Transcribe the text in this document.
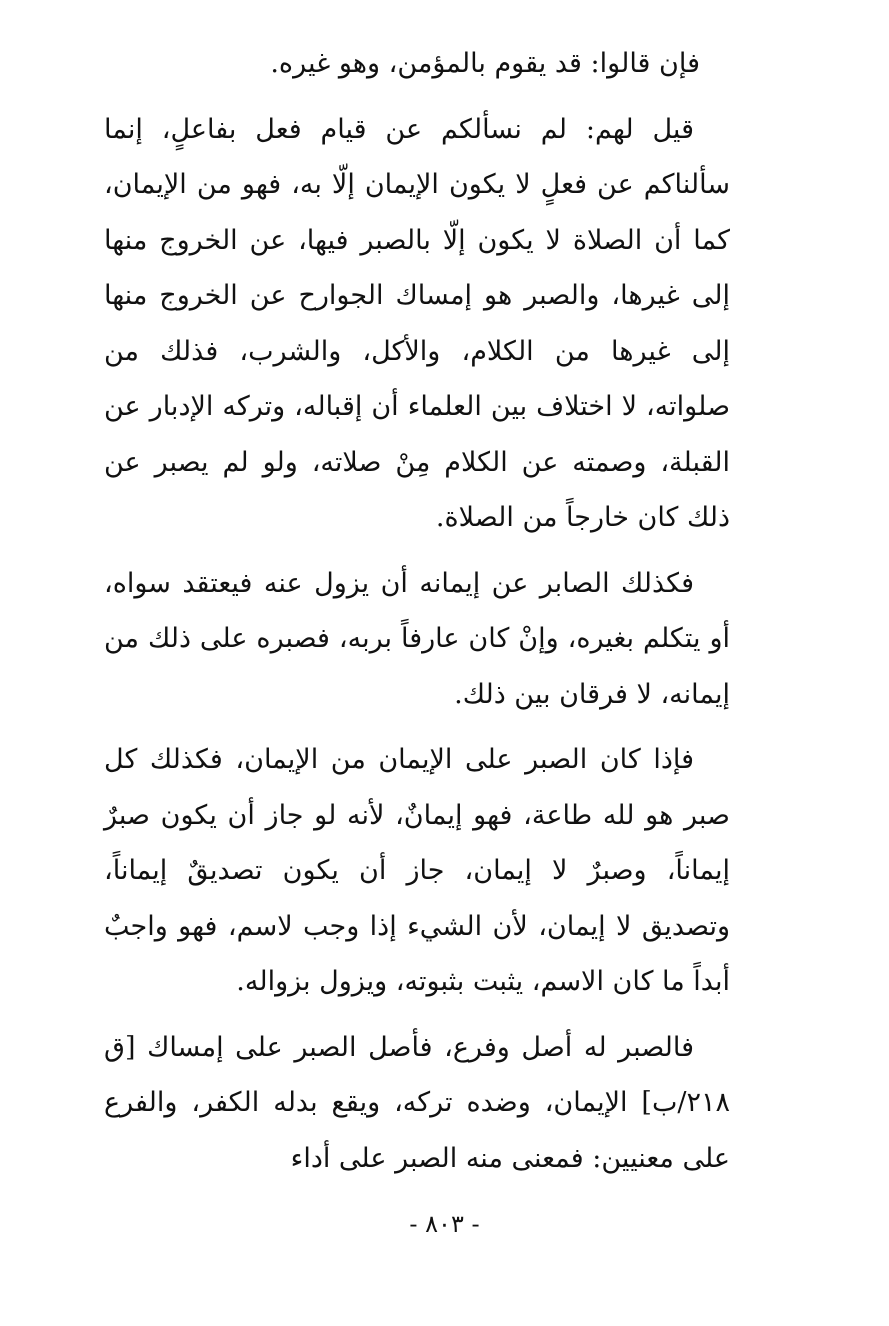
فإن قالوا: قد يقوم بالمؤمن، وهو غيره.

قيل لهم: لم نسألكم عن قيام فعل بفاعلٍ، إنما سألناكم عن فعلٍ لا يكون الإيمان إلّا به، فهو من الإيمان، كما أن الصلاة لا يكون إلّا بالصبر فيها، عن الخروج منها إلى غيرها، والصبر هو إمساك الجوارح عن الخروج منها إلى غيرها من الكلام، والأكل، والشرب، فذلك من صلواته، لا اختلاف بين العلماء أن إقباله، وتركه الإدبار عن القبلة، وصمته عن الكلام مِنْ صلاته، ولو لم يصبر عن ذلك كان خارجاً من الصلاة.

فكذلك الصابر عن إيمانه أن يزول عنه فيعتقد سواه، أو يتكلم بغيره، وإنْ كان عارفاً بربه، فصبره على ذلك من إيمانه، لا فرقان بين ذلك.

فإذا كان الصبر على الإيمان من الإيمان، فكذلك كل صبر هو لله طاعة، فهو إيمانٌ، لأنه لو جاز أن يكون صبرٌ إيماناً، وصبرٌ لا إيمان، جاز أن يكون تصديقٌ إيماناً، وتصديق لا إيمان، لأن الشيء إذا وجب لاسم، فهو واجبٌ أبداً ما كان الاسم، يثبت بثبوته، ويزول بزواله.

فالصبر له أصل وفرع، فأصل الصبر على إمساك [ق ٢١٨/ب] الإيمان، وضده تركه، ويقع بدله الكفر، والفرع على معنيين: فمعنى منه الصبر على أداء

- ٨٠٣ -
